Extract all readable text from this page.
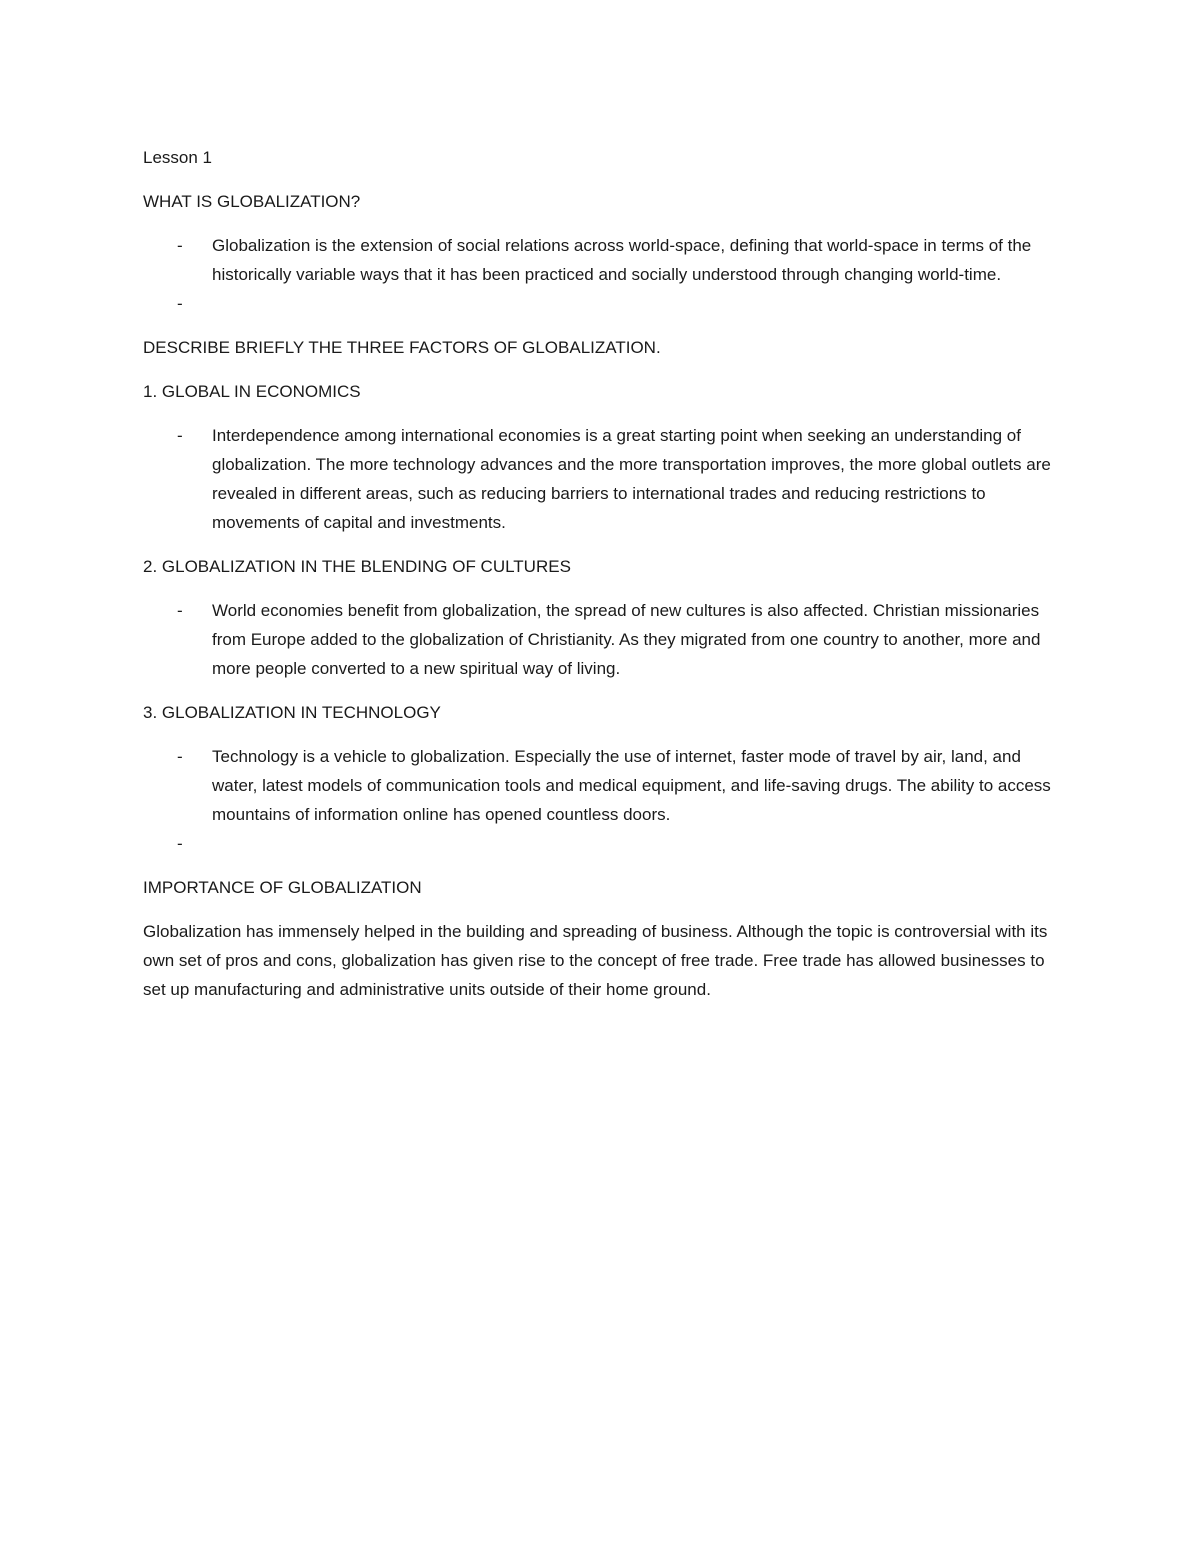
Lesson 1

WHAT IS GLOBALIZATION?

- Globalization is the extension of social relations across world-space, defining that world-space in terms of the historically variable ways that it has been practiced and socially understood through changing world-time.
-

DESCRIBE BRIEFLY THE THREE FACTORS OF GLOBALIZATION.

1. GLOBAL IN ECONOMICS

- Interdependence among international economies is a great starting point when seeking an understanding of globalization. The more technology advances and the more transportation improves, the more global outlets are revealed in different areas, such as reducing barriers to international trades and reducing restrictions to movements of capital and investments.

2. GLOBALIZATION IN THE BLENDING OF CULTURES

- World economies benefit from globalization, the spread of new cultures is also affected. Christian missionaries from Europe added to the globalization of Christianity. As they migrated from one country to another, more and more people converted to a new spiritual way of living.

3. GLOBALIZATION IN TECHNOLOGY

- Technology is a vehicle to globalization. Especially the use of internet, faster mode of travel by air, land, and water, latest models of communication tools and medical equipment, and life-saving drugs. The ability to access mountains of information online has opened countless doors.
-

IMPORTANCE OF GLOBALIZATION

Globalization has immensely helped in the building and spreading of business. Although the topic is controversial with its own set of pros and cons, globalization has given rise to the concept of free trade. Free trade has allowed businesses to set up manufacturing and administrative units outside of their home ground.
